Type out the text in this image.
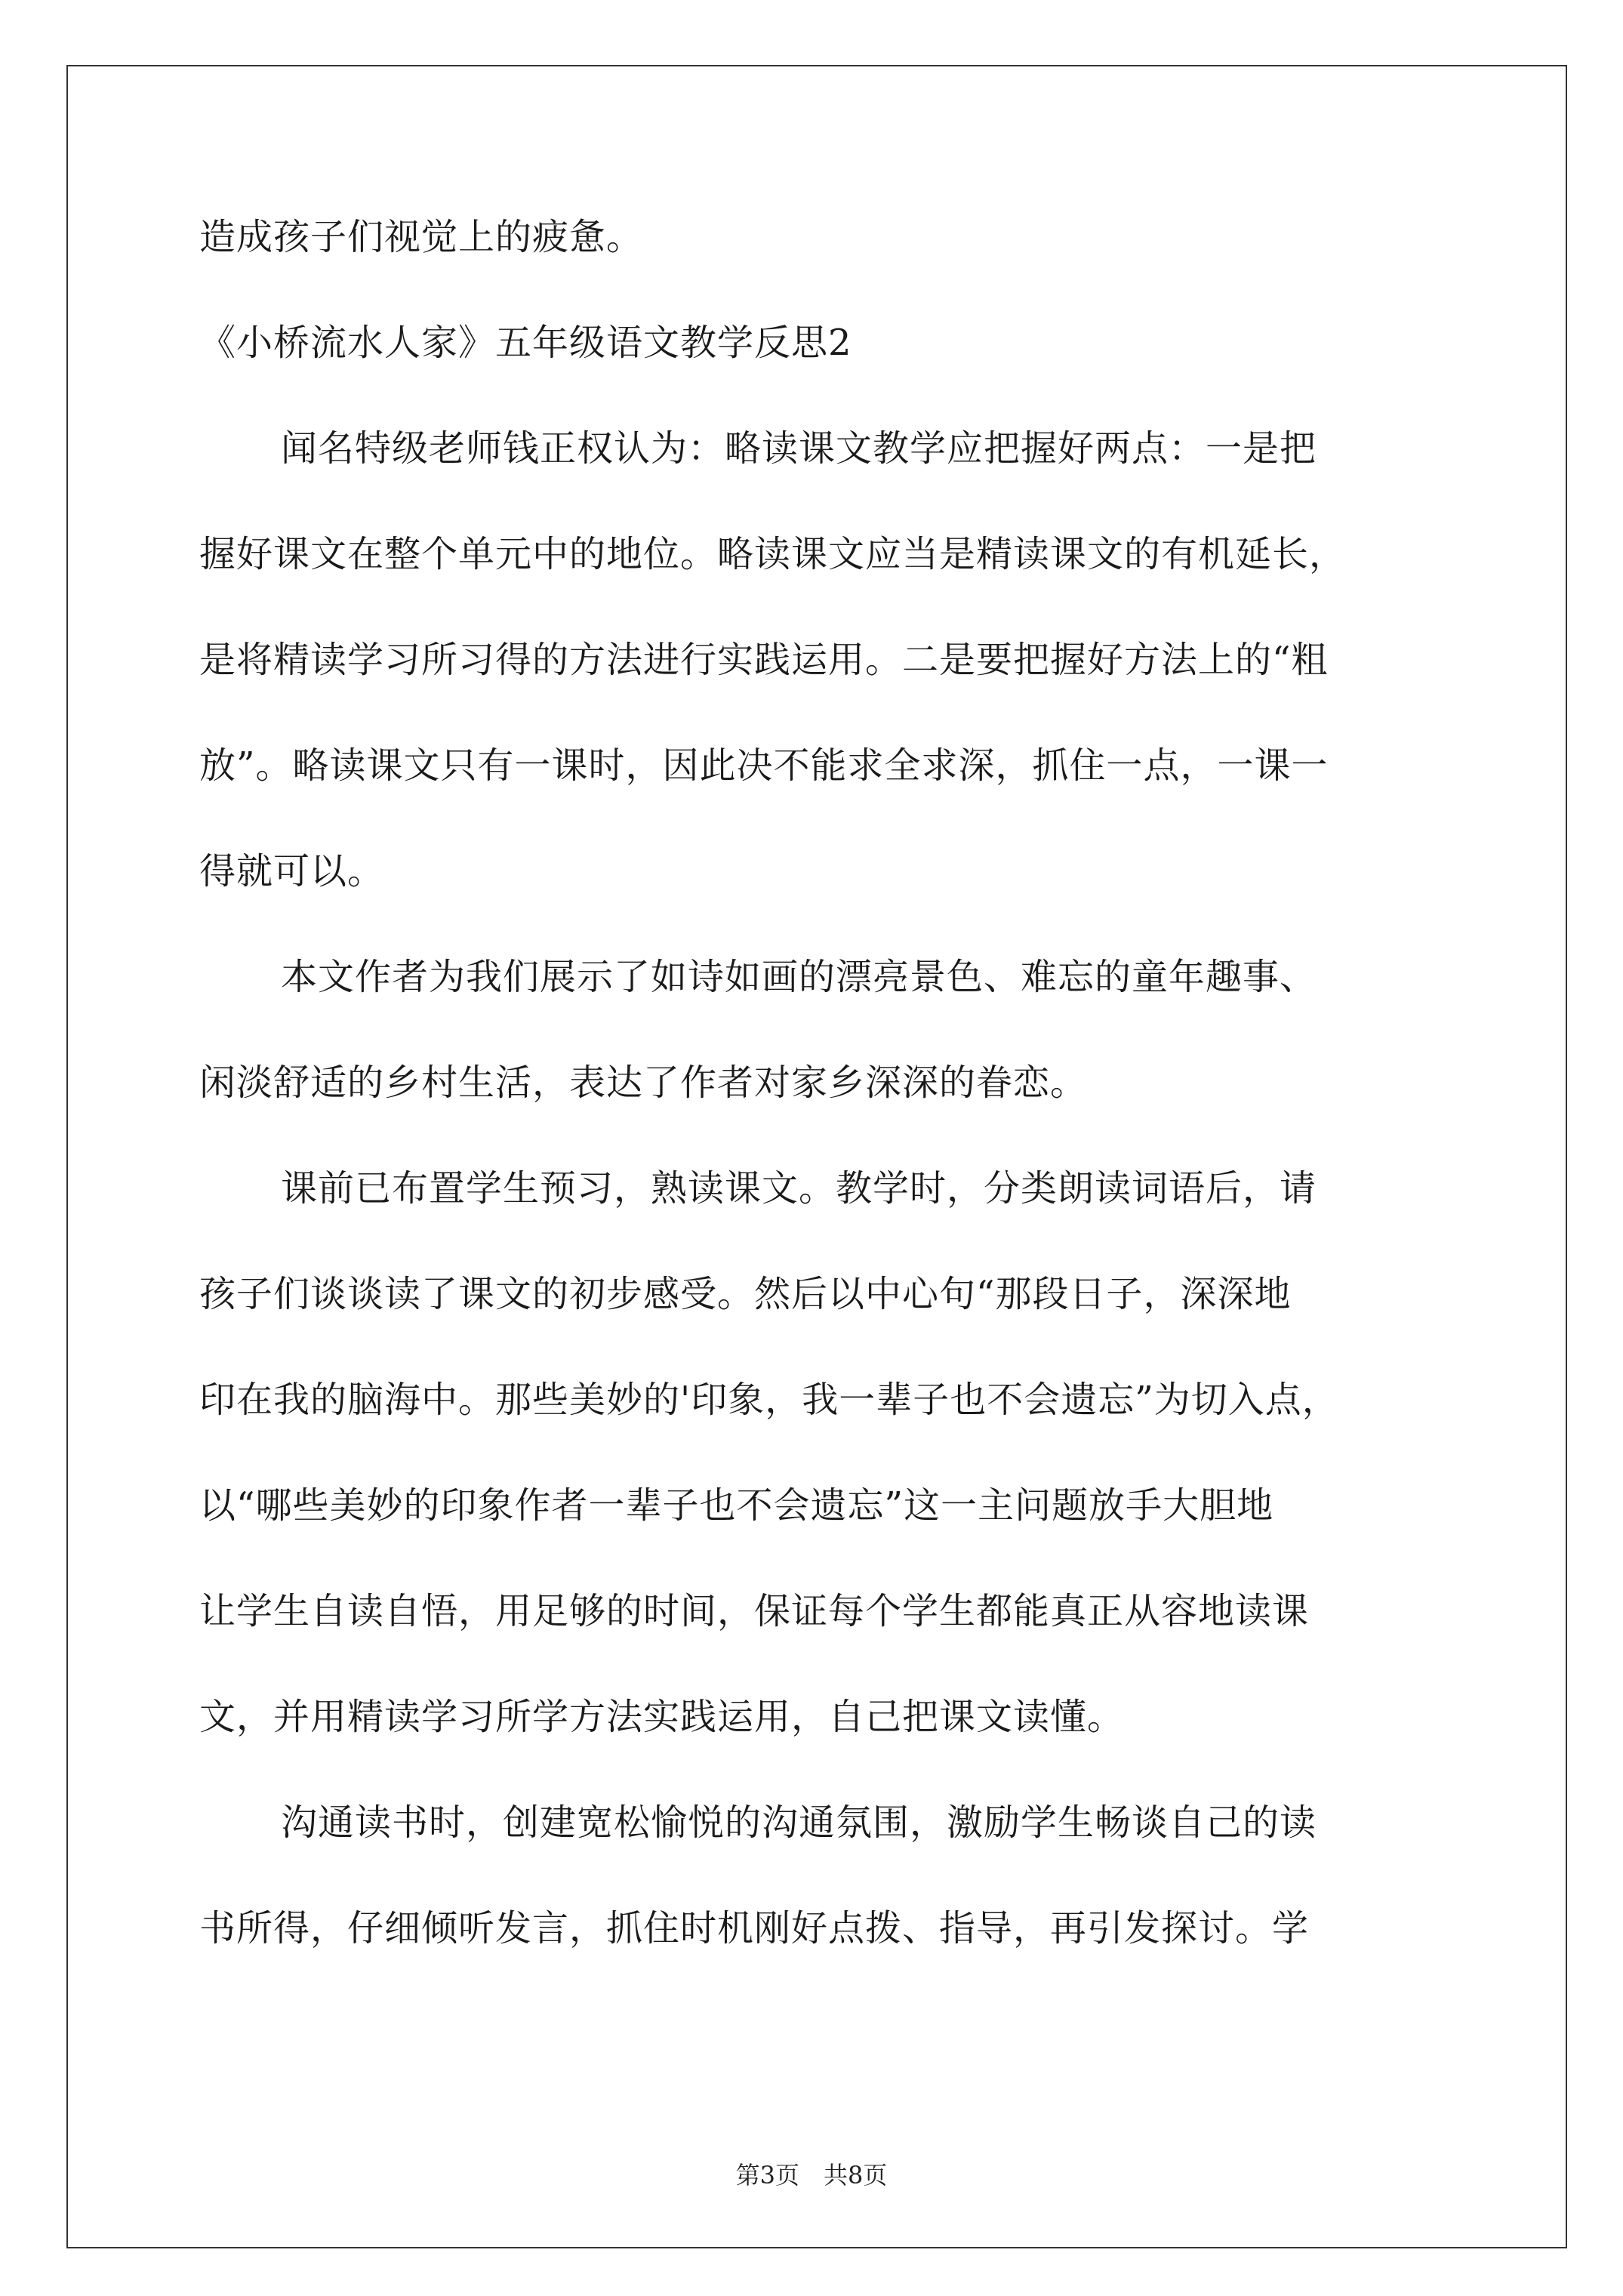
造成孩子们视觉上的疲惫。
《小桥流水人家》五年级语文教学反思2
闻名特级老师钱正权认为：略读课文教学应把握好两点：一是把
握好课文在整个单元中的地位。略读课文应当是精读课文的有机延长，
是将精读学习所习得的方法进行实践运用。二是要把握好方法上的“粗
放”。略读课文只有一课时，因此决不能求全求深，抓住一点，一课一
得就可以。
本文作者为我们展示了如诗如画的漂亮景色、难忘的童年趣事、
闲淡舒适的乡村生活，表达了作者对家乡深深的眷恋。
课前已布置学生预习，熟读课文。教学时，分类朗读词语后，请
孩子们谈谈读了课文的初步感受。然后以中心句“那段日子，深深地
印在我的脑海中。那些美妙的'印象，我一辈子也不会遗忘”为切入点，
以“哪些美妙的印象作者一辈子也不会遗忘”这一主问题放手大胆地
让学生自读自悟，用足够的时间，保证每个学生都能真正从容地读课
文，并用精读学习所学方法实践运用，自己把课文读懂。
沟通读书时，创建宽松愉悦的沟通氛围，激励学生畅谈自己的读
书所得，仔细倾听发言，抓住时机刚好点拨、指导，再引发探讨。学
第3页　共8页
